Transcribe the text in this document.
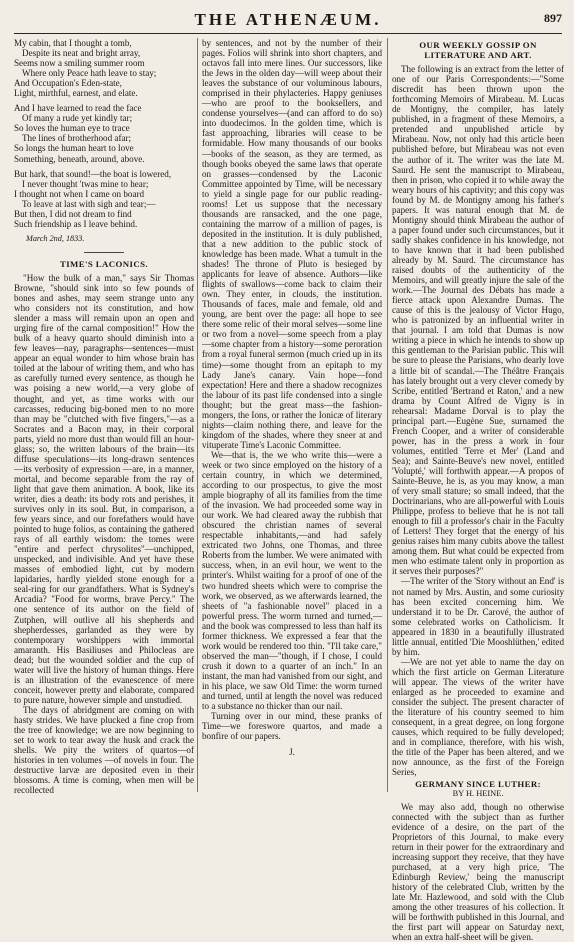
THE ATHENÆUM.	897

My cabin, that I thought a tomb,

Despite its neat and bright array,

Seems now a smiling summer room

Where only Peace hath leave to stay;

And Occupation's Eden-state,

Light, mirthful, earnest, and elate.

And I have learned to read the face

Of many a rude yet kindly tar;

So loves the human eye to trace

The lines of brotherhood afar;

So longs the human heart to love

Something, beneath, around, above.

But hark, that sound!—the boat is lowered,

I never thought 'twas mine to hear;

I thought not when I came on board

To leave at last with sigh and tear;—

But then, I did not dream to find

Such friendship as I leave behind.

March 2nd, 1833.
TIME'S LACONICS.

"How the bulk of a man," says Sir Thomas Browne, "should sink into so few pounds of bones and ashes, may seem strange unto any who considers not its constitution, and how slender a mass will remain upon an open and urging fire of the carnal composition!" How the bulk of a heavy quarto should diminish into a few leaves—nay, paragraphs—sentences—must appear an equal wonder to him whose brain has toiled at the labour of writing them, and who has as carefully turned every sentence, as though he was poising a new world,—a very globe of thought, and yet, as time works with our carcasses, reducing big-boned men to no more than may be "clutched with five fingers,"—as a Socrates and a Bacon may, in their corporal parts, yield no more dust than would fill an hour-glass; so, the written labours of the brain—its diffuse speculations—its long-drawn sentences—its verbosity of expression —are, in a manner, mortal, and become separable from the ray of light that gave them animation. A book, like its writer, dies a death: its body rots and perishes, it survives only in its soul. But, in comparison, a few years since, and our forefathers would have pointed to huge folios, as containing the gathered rays of all earthly wisdom: the tomes were "entire and perfect chrysolites"—unchipped, unspecked, and indivisible. And yet have these masses of embodied light, cut by modern lapidaries, hardly yielded stone enough for a seal-ring for our grandfathers. What is Sydney's Arcadia? "Food for worms, brave Percy." The one sentence of its author on the field of Zutphen, will outlive all his shepherds and shepherdesses, garlanded as they were by contemporary worshippers with immortal amaranth. His Basiliuses and Philocleas are dead; but the wounded soldier and the cup of water will live the history of human things. Here is an illustration of the evanescence of mere conceit, however pretty and elaborate, compared to pure nature, however simple and unstudied.

The days of abridgment are coming on with hasty strides. We have plucked a fine crop from the tree of knowledge; we are now beginning to set to work to tear away the husk and crack the shells. We pity the writers of quartos—of histories in ten volumes —of novels in four. The destructive larvæ are deposited even in their blossoms. A time is coming, when men will be recollected

by sentences, and not by the number of their pages. Folios will shrink into short chapters, and octavos fall into mere lines. Our successors, like the Jews in the olden day—will weep about their leaves the substance of our voluminous labours, comprised in their phylacteries. Happy geniuses—who are proof to the booksellers, and condense yourselves—(and can afford to do so) into duodecimos. In the golden time, which is fast approaching, libraries will cease to be formidable. How many thousands of our books—books of the season, as they are termed, as though books obeyed the same laws that operate on grasses—condensed by the Laconic Committee appointed by Time, will be necessary to yield a single page for our public reading-rooms! Let us suppose that the necessary thousands are ransacked, and the one page, containing the marrow of a million of pages, is deposited in the institution. It is duly published, that a new addition to the public stock of knowledge has been made. What a tumult in the shades! The throne of Pluto is besieged by applicants for leave of absence. Authors—like flights of swallows—come back to claim their own. They enter, in clouds, the institution. Thousands of faces, male and female, old and young, are bent over the page: all hope to see there some relic of their moral selves—some line or two from a novel—some speech from a play—some chapter from a history—some peroration from a royal funeral sermon (much cried up in its time)—some thought from an epitaph to my Lady Jane's canary. Vain hope—fond expectation! Here and there a shadow recognizes the labour of its past life condensed into a single thought; but the great mass—the fashion-mongers, the Ions, or rather the Ionicæ of literary nights—claim nothing there, and leave for the kingdom of the shades, where they sneer at and vituperate Time's Laconic Committee.

We—that is, the we who write this—were a week or two since employed on the history of a certain country, in which we determined, according to our prospectus, to give the most ample biography of all its families from the time of the invasion. We had proceeded some way in our work. We had cleared away the rubbish that obscured the christian names of several respectable inhabitants,—and had safely extricated two Johns, one Thomas, and three Roberts from the lumber. We were animated with success, when, in an evil hour, we went to the printer's. Whilst waiting for a proof of one of the two hundred sheets which were to comprise the work, we observed, as we afterwards learned, the sheets of "a fashionable novel" placed in a powerful press. The worm turned and turned,—and the book was compressed to less than half its former thickness. We expressed a fear that the work would be rendered too thin. "I'll take care," observed the man—"though, if I chose, I could crush it down to a quarter of an inch." In an instant, the man had vanished from our sight, and in his place, we saw Old Time: the worm turned and turned, until at length the novel was reduced to a substance no thicker than our nail.

Turning over in our mind, these pranks of Time—we foreswore quartos, and made a bonfire of our papers.

J.

OUR WEEKLY GOSSIP ON LITERATURE AND ART.

The following is an extract from the letter of one of our Paris Correspondents:—"Some discredit has been thrown upon the forthcoming Memoirs of Mirabeau. M. Lucas de Montigny, the compiler, has lately published, in a fragment of these Memoirs, a pretended and unpublished article by Mirabeau. Now, not only had this article been published before, but Mirabeau was not even the author of it. The writer was the late M. Saurd. He sent the manuscript to Mirabeau, then in prison, who copied it to while away the weary hours of his captivity; and this copy was found by M. de Montigny among his father's papers. It was natural enough that M. de Montigny should think Mirabeau the author of a paper found under such circumstances, but it sadly shakes confidence in his knowledge, not to have known that it had been published already by M. Saurd. The circumstance has raised doubts of the authenticity of the Memoirs, and will greatly injure the sale of the work.—The Journal des Débats has made a fierce attack upon Alexandre Dumas. The cause of this is the jealousy of Victor Hugo, who is patronized by an influential writer in that journal. I am told that Dumas is now writing a piece in which he intends to show up this gentleman to the Parisian public. This will be sure to please the Parisians, who dearly love a little bit of scandal.—The Théâtre Français has lately brought out a very clever comedy by Scribe, entitled 'Bertrand et Raton,' and a new drama by Count Alfred de Vigny is in rehearsal: Madame Dorval is to play the principal part.—Eugène Sue, surnamed the French Cooper, and a writer of considerable power, has in the press a work in four volumes, entitled 'Terre et Mer' (Land and Sea); and Sainte-Beuve's new novel, entitled 'Volupté,' will forthwith appear.—A propos of Sainte-Beuve, he is, as you may know, a man of very small stature; so small indeed, that the Doctrinarians, who are all-powerful with Louis Philippe, profess to believe that he is not tall enough to fill a professor's chair in the Faculty of Letters! They forget that the energy of his genius raises him many cubits above the tallest among them. But what could be expected from men who estimate talent only in proportion as it serves their purposes?"

—The writer of the 'Story without an End' is not named by Mrs. Austin, and some curiosity has been excited concerning him. We understand it to be Dr. Carové, the author of some celebrated works on Catholicism. It appeared in 1830 in a beautifully illustrated little annual, entitled 'Die Mooshlüthen,' edited by him.

—We are not yet able to name the day on which the first article on German Literature will appear. The views of the writer have enlarged as he proceeded to examine and consider the subject. The present character of the literature of his country seemed to him consequent, in a great degree, on long forgone causes, which required to be fully developed; and in compliance, therefore, with his wish, the title of the Paper has been altered, and we now announce, as the first of the Foreign Series,

GERMANY SINCE LUTHER:

BY H. HEINE.

We may also add, though no otherwise connected with the subject than as further evidence of a desire, on the part of the Proprietors of this Journal, to make every return in their power for the extraordinary and increasing support they receive, that they have purchased, at a very high price, 'The Edinburgh Review,' being the manuscript history of the celebrated Club, written by the late Mr. Hazlewood, and sold with the Club among the other treasures of his collection. It will be forthwith published in this Journal, and the first part will appear on Saturday next, when an extra half-sheet will be given.
